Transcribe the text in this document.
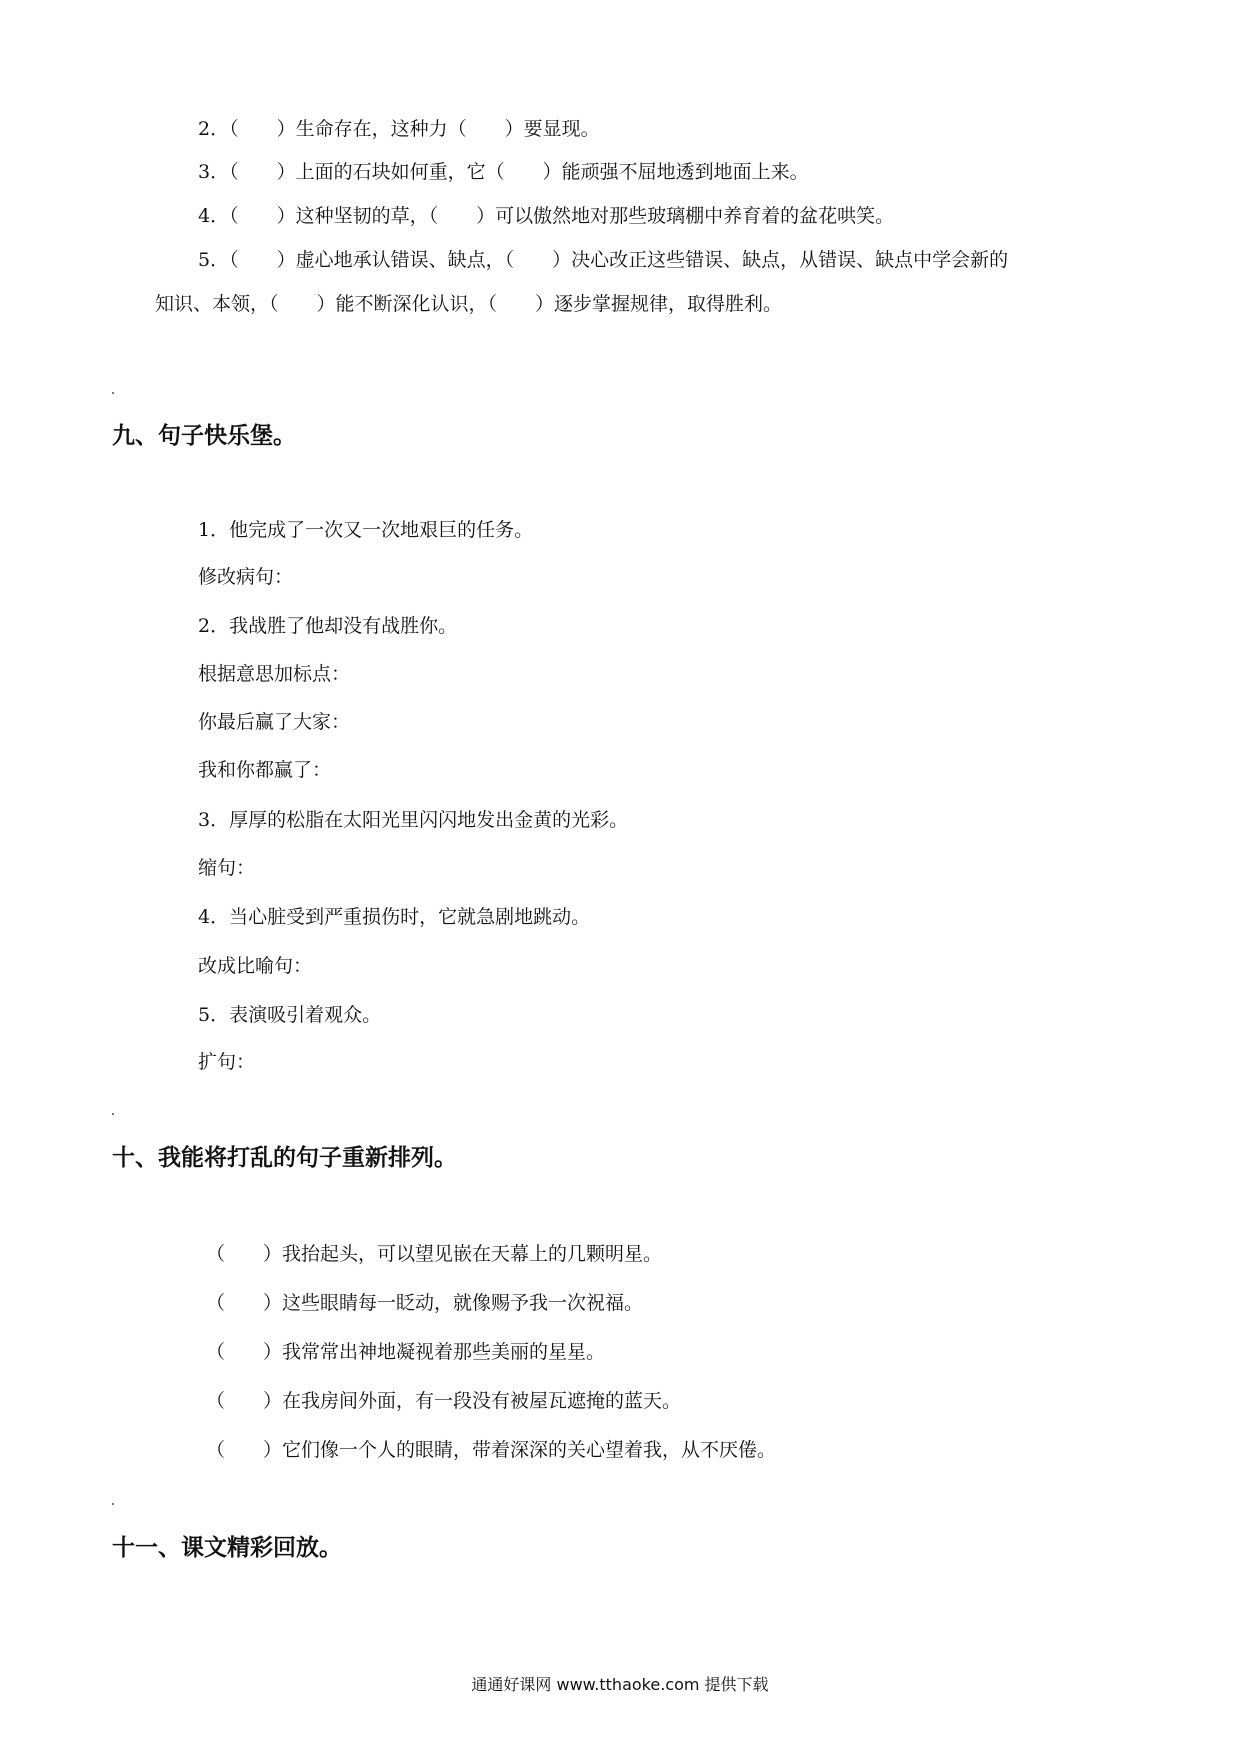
2．（　　）生命存在，这种力（　　）要显现。
3．（　　）上面的石块如何重，它（　　）能顽强不屈地透到地面上来。
4．（　　）这种坚韧的草，（　　）可以傲然地对那些玻璃棚中养育着的盆花哄笑。
5．（　　）虚心地承认错误、缺点，（　　）决心改正这些错误、缺点，从错误、缺点中学会新的
知识、本领，（　　）能不断深化认识，（　　）逐步掌握规律，取得胜利。
九、句子快乐堡。
1．他完成了一次又一次地艰巨的任务。
修改病句：
2．我战胜了他却没有战胜你。
根据意思加标点：
你最后赢了大家：
我和你都赢了：
3．厚厚的松脂在太阳光里闪闪地发出金黄的光彩。
缩句：
4．当心脏受到严重损伤时，它就急剧地跳动。
改成比喻句：
5．表演吸引着观众。
扩句：
十、我能将打乱的句子重新排列。
（　　）我抬起头，可以望见嵌在天幕上的几颗明星。
（　　）这些眼睛每一眨动，就像赐予我一次祝福。
（　　）我常常出神地凝视着那些美丽的星星。
（　　）在我房间外面，有一段没有被屋瓦遮掩的蓝天。
（　　）它们像一个人的眼睛，带着深深的关心望着我，从不厌倦。
十一、课文精彩回放。
通通好课网 www.tthaoke.com 提供下载
